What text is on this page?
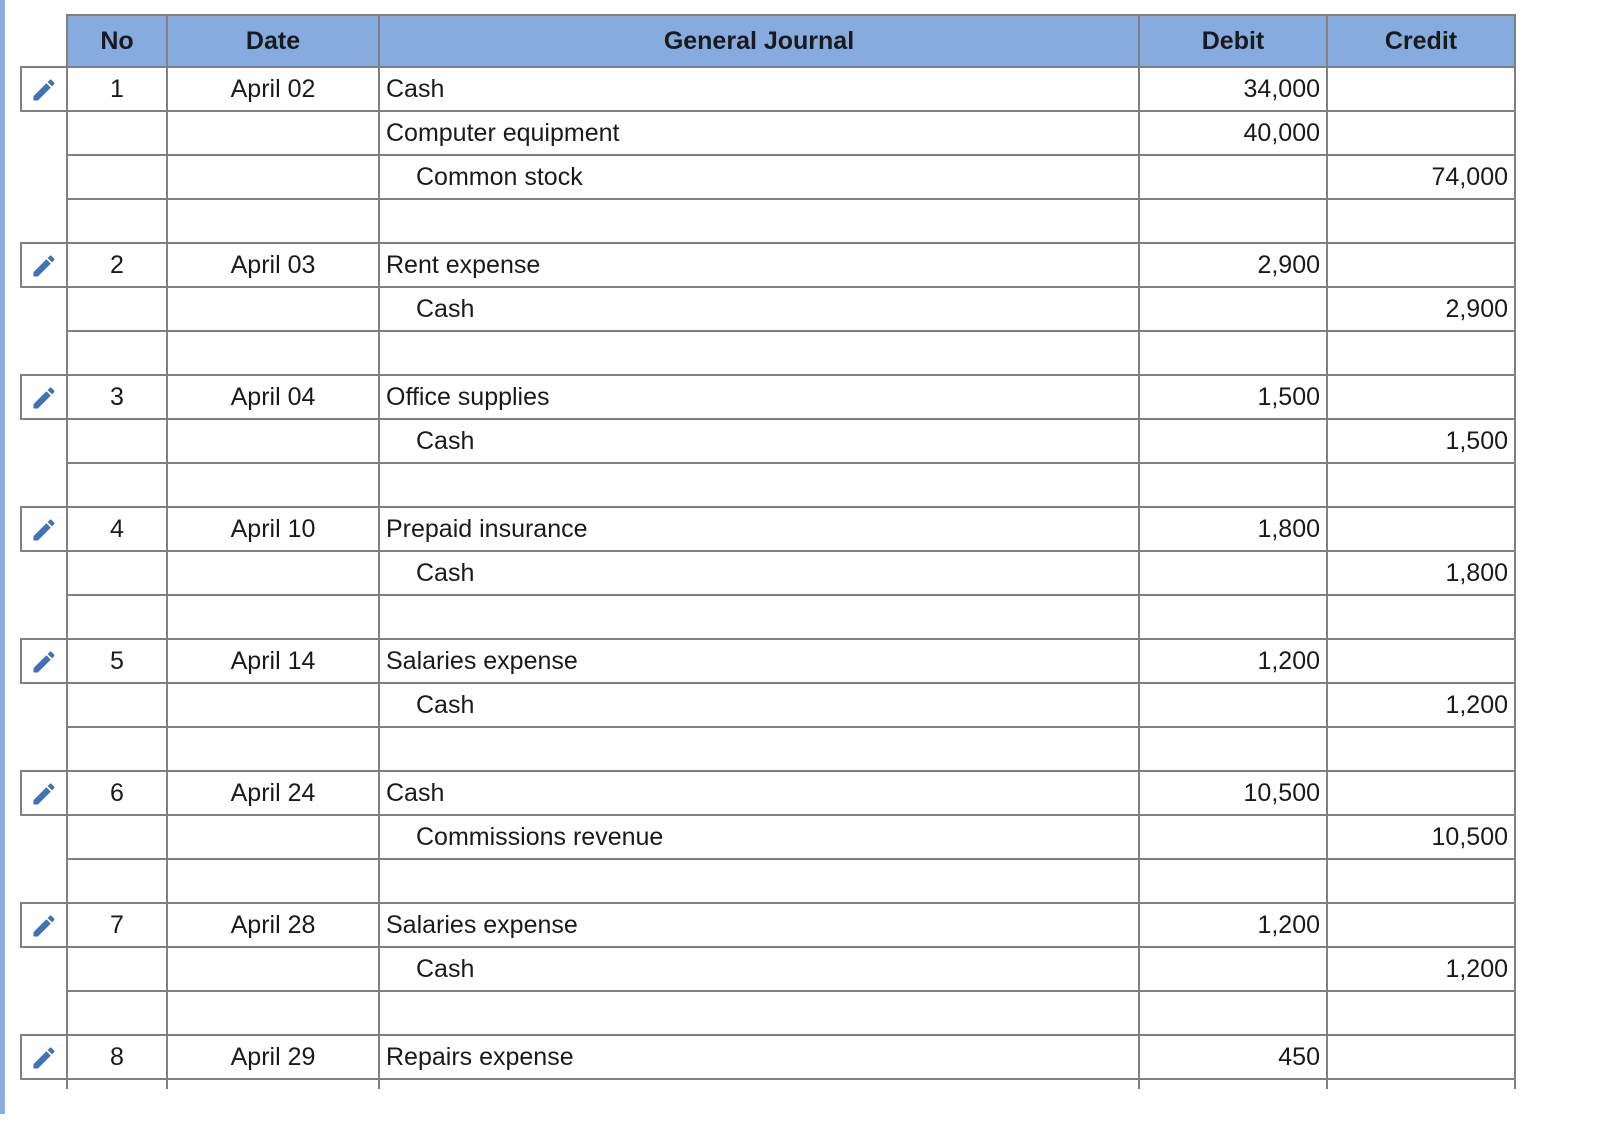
	No	Date	General Journal	Debit	Credit
	1	April 02	Cash	34,000	
			Computer equipment	40,000	
			Common stock		74,000

	2	April 03	Rent expense	2,900	
			Cash		2,900

	3	April 04	Office supplies	1,500	
			Cash		1,500

	4	April 10	Prepaid insurance	1,800	
			Cash		1,800

	5	April 14	Salaries expense	1,200	
			Cash		1,200

	6	April 24	Cash	10,500	
			Commissions revenue		10,500

	7	April 28	Salaries expense	1,200	
			Cash		1,200

	8	April 29	Repairs expense	450	
